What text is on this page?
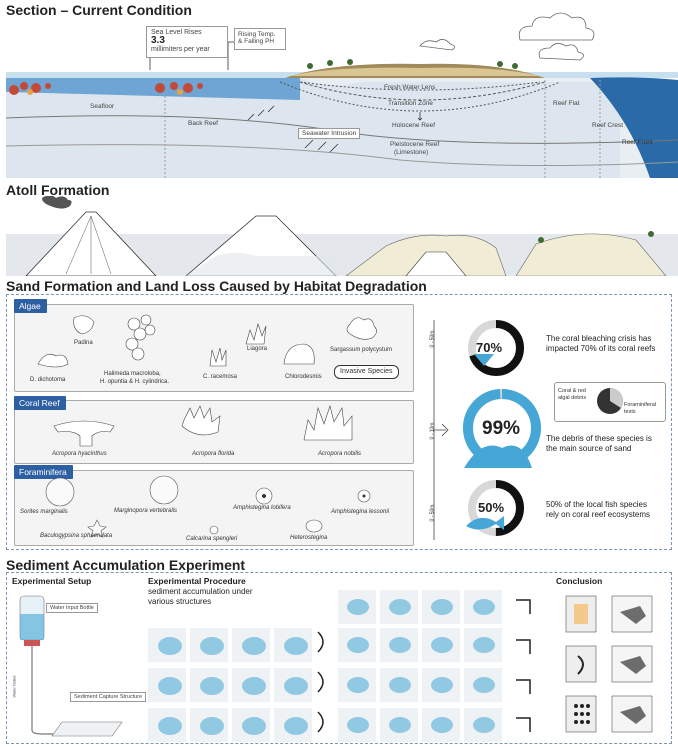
Section – Current Condition
Sea Level Rises
3.3
millimiters per year
Rising Temp.
& Falling PH
Seafloor
Back Reef
Fresh Water Lens
Transition Zone
Holocene Reef
Seawater Intrusion
Pleistocene Reef
(Limestone)
Reef Flat
Reef Crest
Reef Front
Atoll Formation
Sand Formation and Land Loss Caused by Habitat Degradation
Algae
Padina
D. dichotoma
Halimeda macroloba,
H. opuntia & H. cylindrica.
Liagora
C. racemosa	Chlorodesmis
Sargassum polycystum
Invasive Species
0 - 50m
Coral Reef
Acropora hyacinthus	Acropora florida	Acropora nobilis
0 - 10m
Foraminifera
Sorites marginalis	Marginopora vertebralis	Amphistegina lobifera
Amphistegina lessonii
Baculogypsina sphaerulata	Calcarina spengleri	Heterostegina
0 - 50m
70%
99%
50%
The coral bleaching crisis has impacted 70% of its coral reefs
The debris of these species is the main source of sand
50% of the local fish species rely on coral reef ecosystems
Coral & red algal debris
Foraminiferal tests
Sediment Accumulation Experiment
Experimental Setup
Water Input Bottle
Sediment Capture Structure
Water Outlet
Experimental Procedure
sediment accumulation under
various structures
Conclusion
